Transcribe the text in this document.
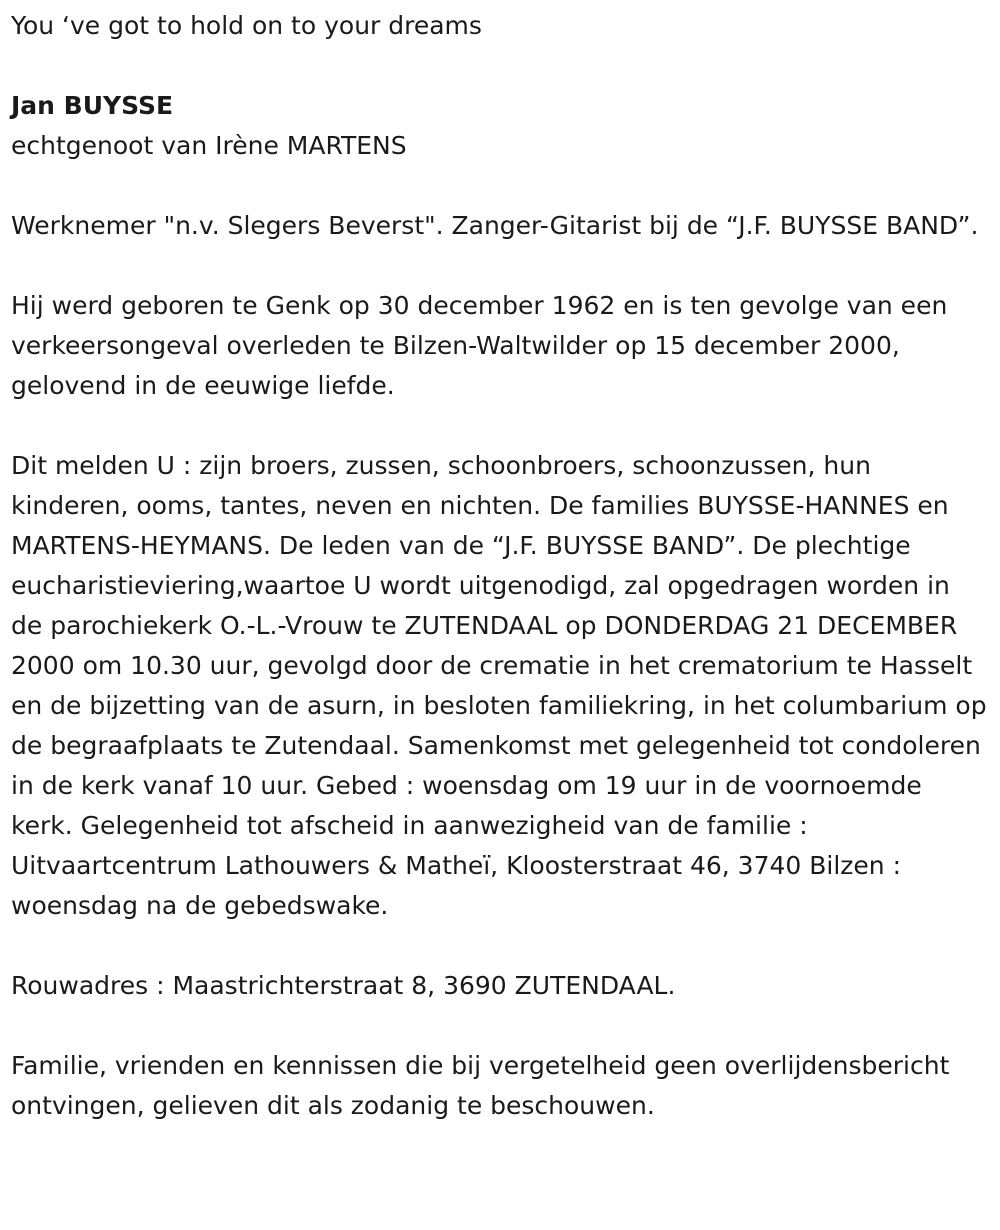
You ‘ve got to hold on to your dreams

Jan BUYSSE

echtgenoot van Irène MARTENS

Werknemer "n.v. Slegers Beverst". Zanger-Gitarist bij de “J.F. BUYSSE BAND”.

Hij werd geboren te Genk op 30 december 1962 en is ten gevolge van een verkeersongeval overleden te Bilzen-Waltwilder op 15 december 2000, gelovend in de eeuwige liefde.

Dit melden U : zijn broers, zussen, schoonbroers, schoonzussen, hun kinderen, ooms, tantes, neven en nichten. De families BUYSSE-HANNES en MARTENS-HEYMANS. De leden van de “J.F. BUYSSE BAND”. De plechtige eucharistieviering,waartoe U wordt uitgenodigd, zal opgedragen worden in de parochiekerk O.-L.-Vrouw te ZUTENDAAL op DONDERDAG 21 DECEMBER 2000 om 10.30 uur, gevolgd door de crematie in het crematorium te Hasselt en de bijzetting van de asurn, in besloten familiekring, in het columbarium op de begraafplaats te Zutendaal. Samenkomst met gelegenheid tot condoleren in de kerk vanaf 10 uur. Gebed : woensdag om 19 uur in de voornoemde kerk. Gelegenheid tot afscheid in aanwezigheid van de familie : Uitvaartcentrum Lathouwers & Matheï, Kloosterstraat 46, 3740 Bilzen : woensdag na de gebedswake.

Rouwadres : Maastrichterstraat 8, 3690 ZUTENDAAL.

Familie, vrienden en kennissen die bij vergetelheid geen overlijdensbericht ontvingen, gelieven dit als zodanig te beschouwen.
